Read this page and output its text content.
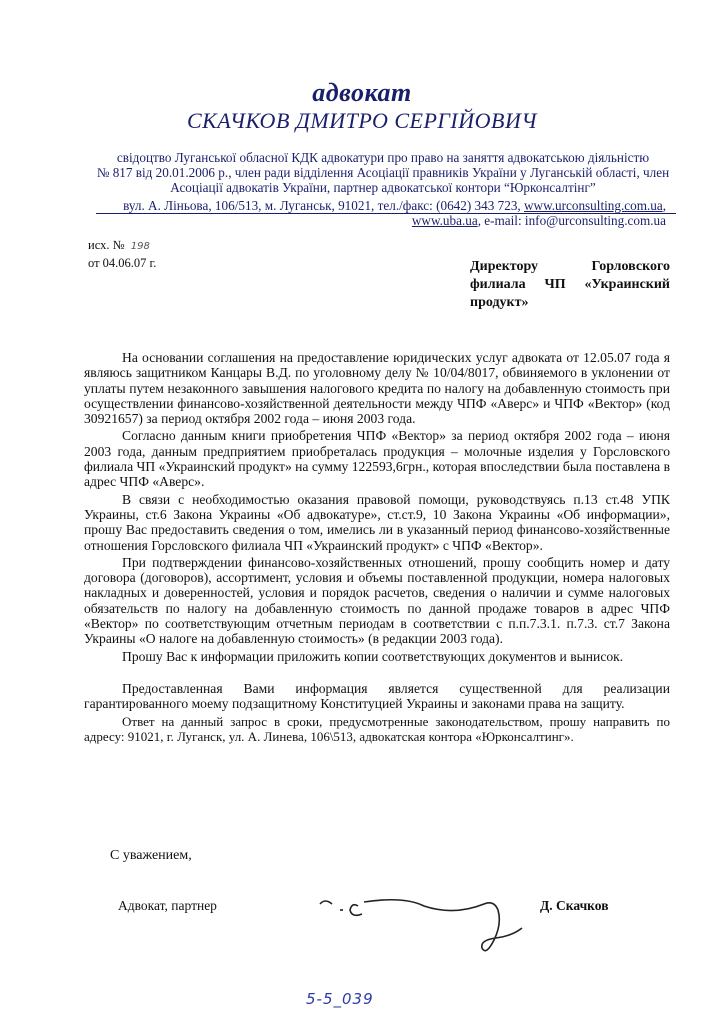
адвокат
СКАЧКОВ ДМИТРО СЕРГІЙОВИЧ
свідоцтво Луганської обласної КДК адвокатури про право на заняття адвокатською діяльністю
№ 817 від 20.01.2006 р., член ради відділення Асоціації правників України у Луганській області, член
Асоціації адвокатів України, партнер адвокатської контори “Юрконсалтінг”
вул. А. Ліньова, 106/513, м. Луганськ, 91021, тел./факс: (0642) 343 723, www.urconsulting.com.ua,
www.uba.ua, e-mail: info@urconsulting.com.ua
исх. № 198
от 04.06.07 г.	Директору Горловского филиала ЧП «Украинский продукт»

На основании соглашения на предоставление юридических услуг адвоката от 12.05.07 года я являюсь защитником Канцары В.Д. по уголовному делу № 10/04/8017, обвиняемого в уклонении от уплаты путем незаконного завышения налогового кредита по налогу на добавленную стоимость при осуществлении финансово-хозяйственной деятельности между ЧПФ «Аверс» и ЧПФ «Вектор» (код 30921657) за период октября 2002 года – июня 2003 года.

Согласно данным книги приобретения ЧПФ «Вектор» за период октября 2002 года – июня 2003 года, данным предприятием приобреталась продукция – молочные изделия у Горсловского филиала ЧП «Украинский продукт» на сумму 122593,6грн., которая впоследствии была поставлена в адрес ЧПФ «Аверс».

В связи с необходимостью оказания правовой помощи, руководствуясь п.13 ст.48 УПК Украины, ст.6 Закона Украины «Об адвокатуре», ст.ст.9, 10 Закона Украины «Об информации», прошу Вас предоставить сведения о том, имелись ли в указанный период финансово-хозяйственные отношения Горсловского филиала ЧП «Украинский продукт» с ЧПФ «Вектор».

При подтверждении финансово-хозяйственных отношений, прошу сообщить номер и дату договора (договоров), ассортимент, условия и объемы поставленной продукции, номера налоговых накладных и доверенностей, условия и порядок расчетов, сведения о наличии и сумме налоговых обязательств по налогу на добавленную стоимость по данной продаже товаров в адрес ЧПФ «Вектор» по соответствующим отчетным периодам в соответствии с п.п.7.3.1. п.7.3. ст.7 Закона Украины «О налоге на добавленную стоимость» (в редакции 2003 года).

Прошу Вас к информации приложить копии соответствующих документов и вынисок.

Предоставленная Вами информация является существенной для реализации гарантированного моему подзащитному Конституцией Украины и законами права на защиту.

Ответ на данный запрос в сроки, предусмотренные законодательством, прошу направить по адресу: 91021, г. Луганск, ул. А. Линева, 106\513, адвокатская контора «Юрконсалтинг».

С уважением,
Адвокат, партнер	Д. Скачков
5-5_039
